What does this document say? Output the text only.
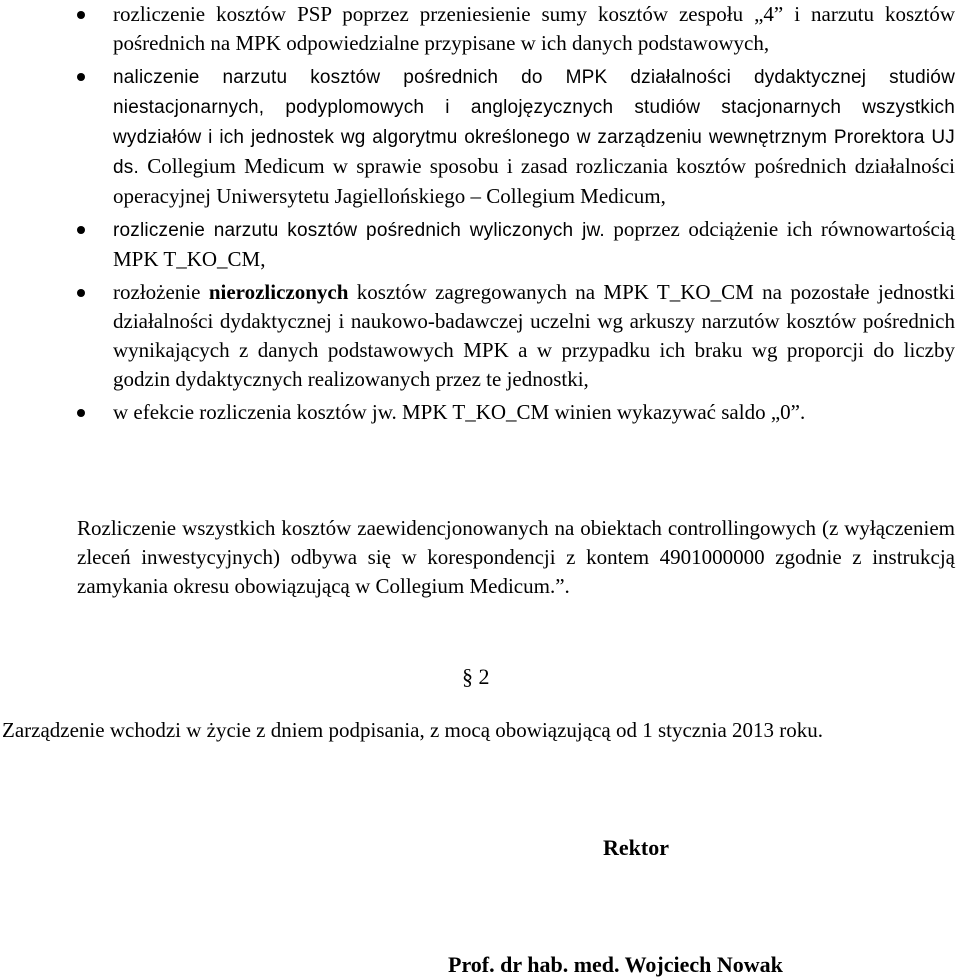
rozliczenie kosztów PSP poprzez przeniesienie sumy kosztów zespołu „4” i narzutu kosztów pośrednich na MPK odpowiedzialne przypisane w ich danych podstawowych,
naliczenie narzutu kosztów pośrednich do MPK działalności dydaktycznej studiów niestacjonarnych, podyplomowych i anglojęzycznych studiów stacjonarnych wszystkich wydziałów i ich jednostek wg algorytmu określonego w zarządzeniu wewnętrznym Prorektora UJ ds. Collegium Medicum w sprawie sposobu i zasad rozliczania kosztów pośrednich działalności operacyjnej Uniwersytetu Jagiellońskiego – Collegium Medicum,
rozliczenie narzutu kosztów pośrednich wyliczonych jw. poprzez odciążenie ich równowartością MPK T_KO_CM,
rozłożenie nierozliczonych kosztów zagregowanych na MPK T_KO_CM na pozostałe jednostki działalności dydaktycznej i naukowo-badawczej uczelni wg arkuszy narzutów kosztów pośrednich wynikających z danych podstawowych MPK a w przypadku ich braku wg proporcji do liczby godzin dydaktycznych realizowanych przez te jednostki,
w efekcie rozliczenia kosztów jw. MPK T_KO_CM winien wykazywać saldo „0”.

Rozliczenie wszystkich kosztów zaewidencjonowanych na obiektach controllingowych (z wyłączeniem zleceń inwestycyjnych) odbywa się w korespondencji z kontem 4901000000 zgodnie z instrukcją zamykania okresu obowiązującą w Collegium Medicum.”.

§ 2

Zarządzenie wchodzi w życie z dniem podpisania, z mocą obowiązującą od 1 stycznia 2013 roku.

Rektor
Prof. dr hab. med. Wojciech Nowak
